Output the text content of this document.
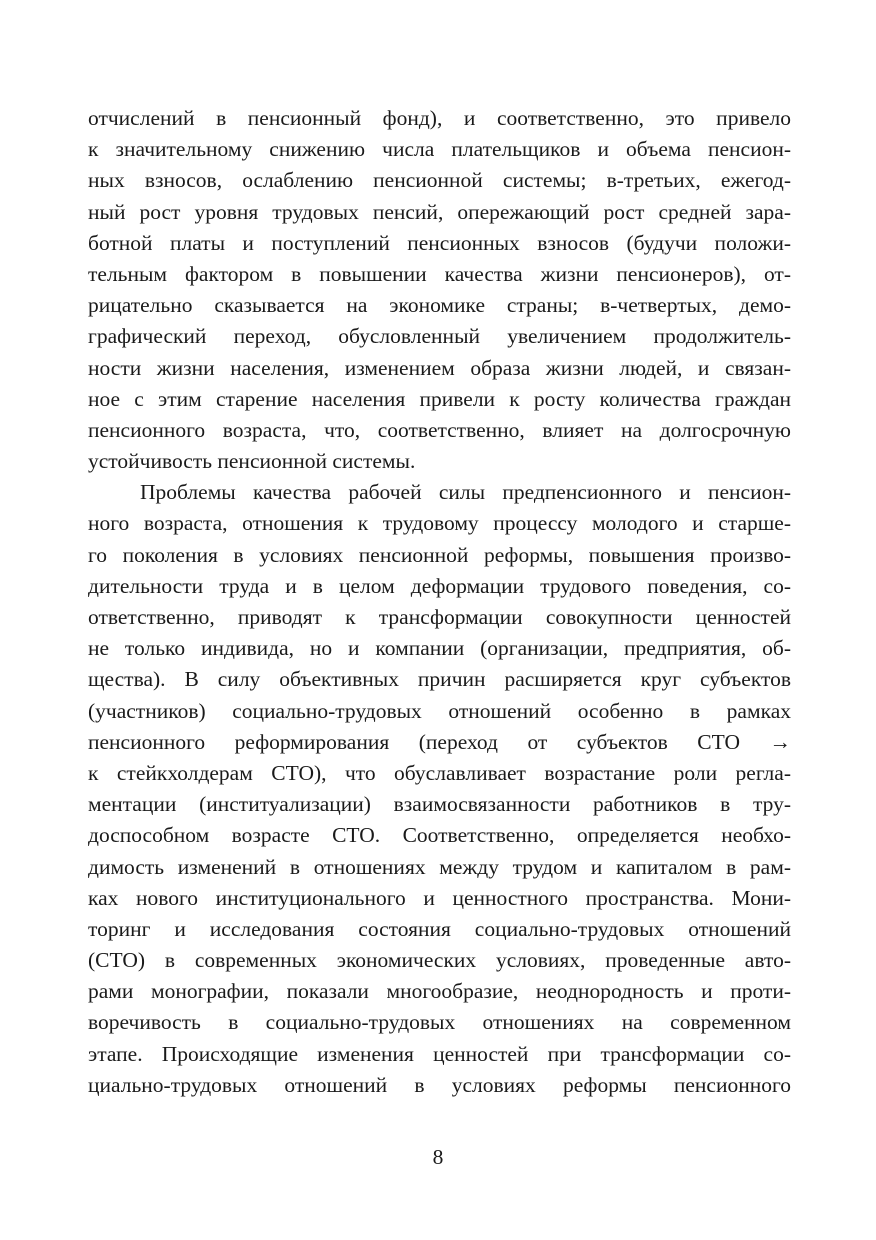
отчислений в пенсионный фонд), и соответственно, это привело
к значительному снижению числа плательщиков и объема пенсион-
ных взносов, ослаблению пенсионной системы; в-третьих, ежегод-
ный рост уровня трудовых пенсий, опережающий рост средней зара-
ботной платы и поступлений пенсионных взносов (будучи положи-
тельным фактором в повышении качества жизни пенсионеров), от-
рицательно сказывается на экономике страны; в-четвертых, демо-
графический переход, обусловленный увеличением продолжитель-
ности жизни населения, изменением образа жизни людей, и связан-
ное с этим старение населения привели к росту количества граждан
пенсионного возраста, что, соответственно, влияет на долгосрочную
устойчивость пенсионной системы.
Проблемы качества рабочей силы предпенсионного и пенсион-
ного возраста, отношения к трудовому процессу молодого и старше-
го поколения в условиях пенсионной реформы, повышения произво-
дительности труда и в целом деформации трудового поведения, со-
ответственно, приводят к трансформации совокупности ценностей
не только индивида, но и компании (организации, предприятия, об-
щества). В силу объективных причин расширяется круг субъектов
(участников) социально-трудовых отношений особенно в рамках
пенсионного реформирования (переход от субъектов СТО →
к стейкхолдерам СТО), что обуславливает возрастание роли регла-
ментации (институализации) взаимосвязанности работников в тру-
доспособном возрасте СТО. Соответственно, определяется необхо-
димость изменений в отношениях между трудом и капиталом в рам-
ках нового институционального и ценностного пространства. Мони-
торинг и исследования состояния социально-трудовых отношений
(СТО) в современных экономических условиях, проведенные авто-
рами монографии, показали многообразие, неоднородность и проти-
воречивость в социально-трудовых отношениях на современном
этапе. Происходящие изменения ценностей при трансформации со-
циально-трудовых отношений в условиях реформы пенсионного
8
